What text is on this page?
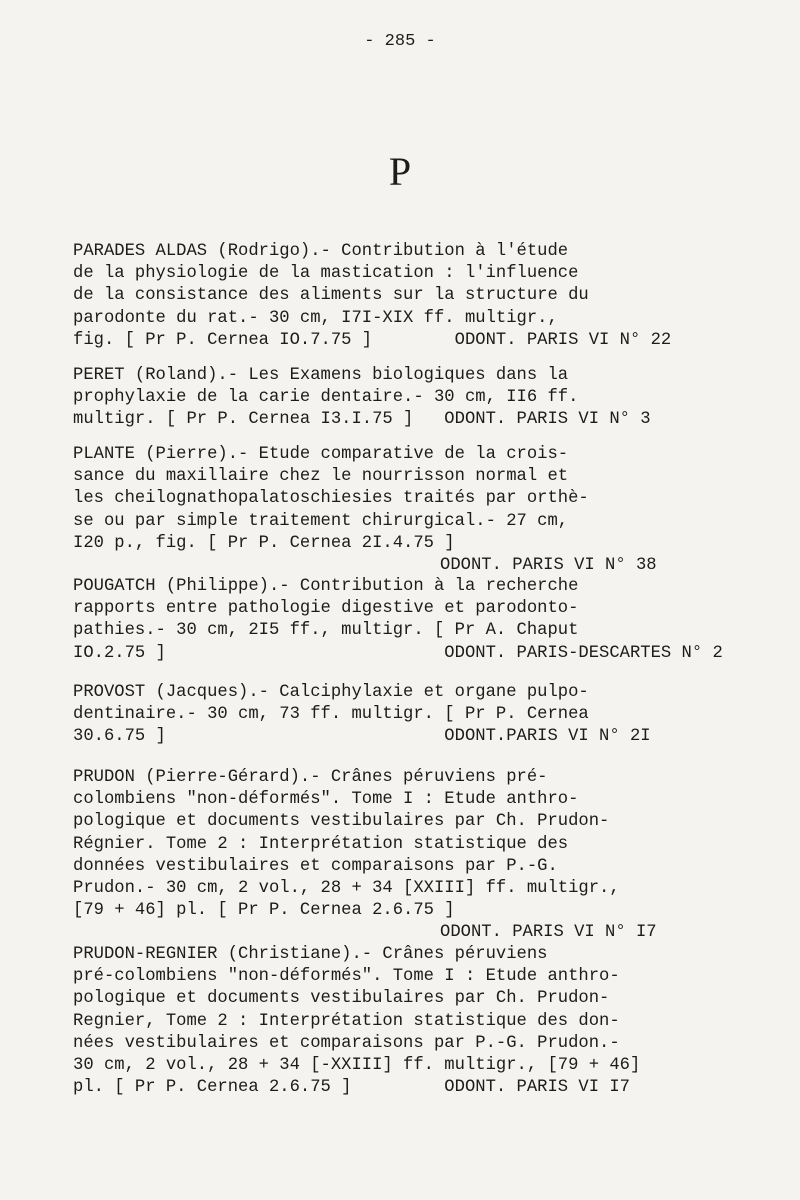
- 285 -
P
PARADES ALDAS (Rodrigo).- Contribution à l'étude
de la physiologie de la mastication : l'influence
de la consistance des aliments sur la structure du
parodonte du rat.- 30 cm, I7I-XIX ff. multigr.,
fig. [ Pr P. Cernea IO.7.75 ]        ODONT. PARIS VI N° 22
PERET (Roland).- Les Examens biologiques dans la
prophylaxie de la carie dentaire.- 30 cm, II6 ff.
multigr. [ Pr P. Cernea I3.I.75 ]   ODONT. PARIS VI N° 3
PLANTE (Pierre).- Etude comparative de la crois-
sance du maxillaire chez le nourrisson normal et
les cheilognathopalatoschiesies traités par orthè-
se ou par simple traitement chirurgical.- 27 cm,
I20 p., fig. [ Pr P. Cernea 2I.4.75 ]
ODONT. PARIS VI N° 38
POUGATCH (Philippe).- Contribution à la recherche
rapports entre pathologie digestive et parodonto-
pathies.- 30 cm, 2I5 ff., multigr. [ Pr A. Chaput
IO.2.75 ]                           ODONT. PARIS-DESCARTES N° 2
PROVOST (Jacques).- Calciphylaxie et organe pulpo-
dentinaire.- 30 cm, 73 ff. multigr. [ Pr P. Cernea
30.6.75 ]                           ODONT.PARIS VI N° 2I
PRUDON (Pierre-Gérard).- Crânes péruviens pré-
colombiens "non-déformés". Tome I : Etude anthro-
pologique et documents vestibulaires par Ch. Prudon-
Régnier. Tome 2 : Interprétation statistique des
données vestibulaires et comparaisons par P.-G.
Prudon.- 30 cm, 2 vol., 28 + 34 [XXIII] ff. multigr.,
[79 + 46] pl. [ Pr P. Cernea 2.6.75 ]
ODONT. PARIS VI N° I7
PRUDON-REGNIER (Christiane).- Crânes péruviens
pré-colombiens "non-déformés". Tome I : Etude anthro-
pologique et documents vestibulaires par Ch. Prudon-
Regnier, Tome 2 : Interprétation statistique des don-
nées vestibulaires et comparaisons par P.-G. Prudon.-
30 cm, 2 vol., 28 + 34 [-XXIII] ff. multigr., [79 + 46]
pl. [ Pr P. Cernea 2.6.75 ]         ODONT. PARIS VI I7
